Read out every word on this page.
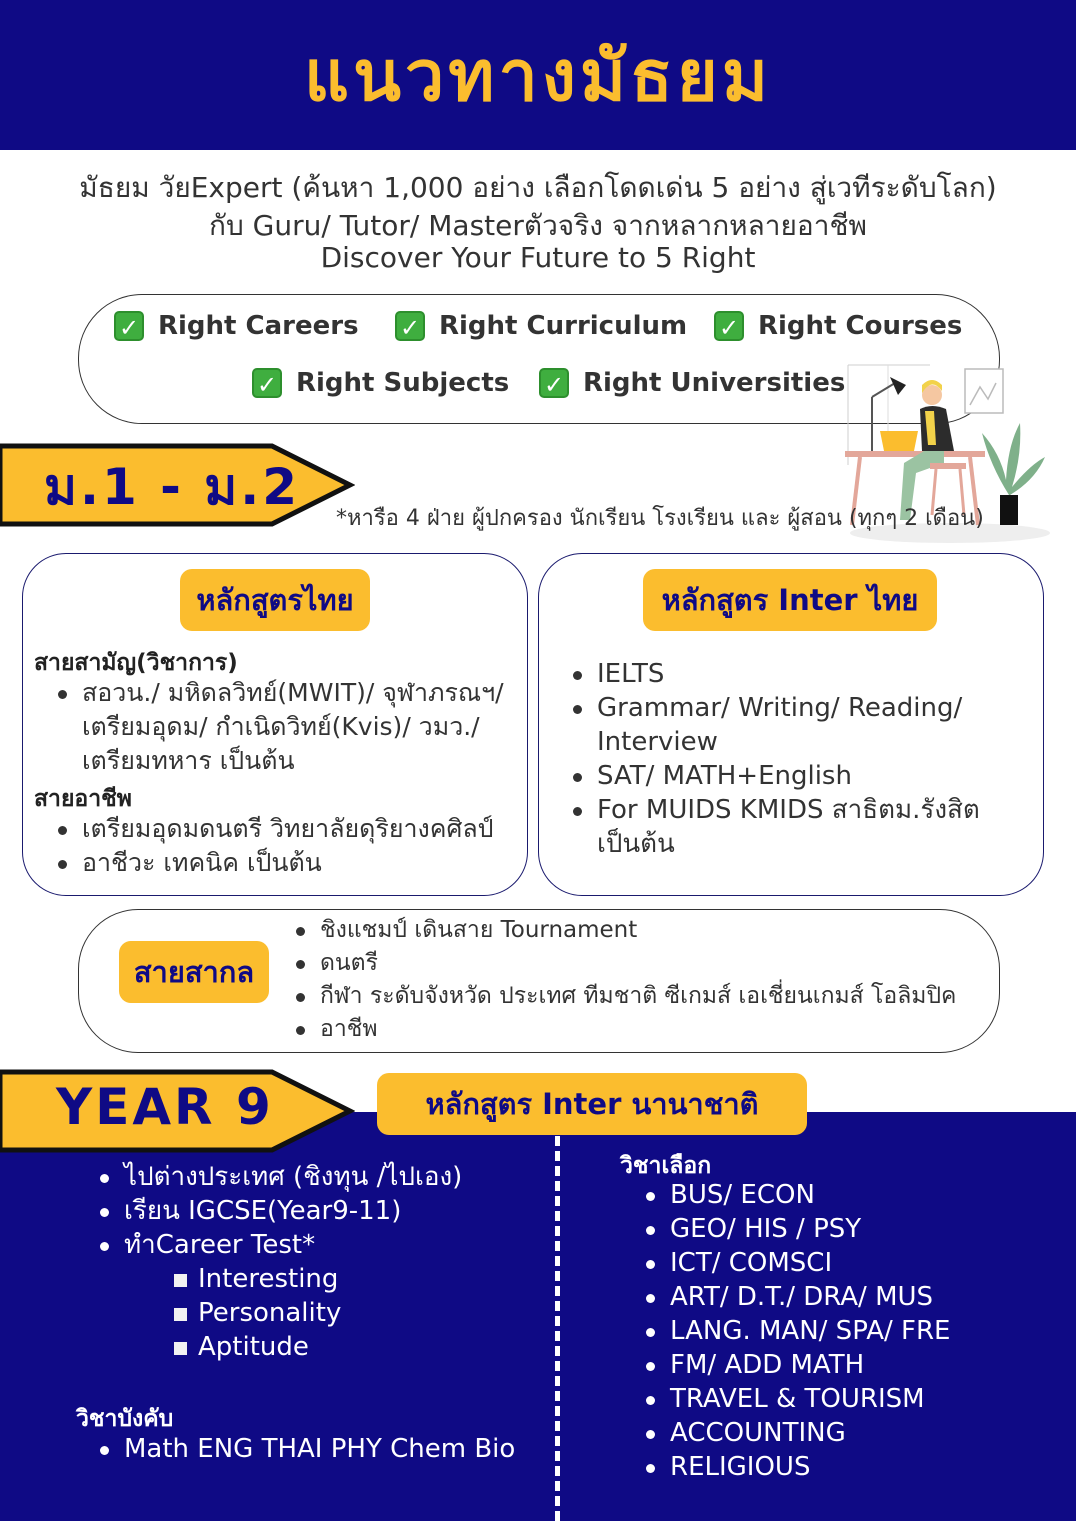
แนวทางมัธยม
มัธยม วัยExpert (ค้นหา 1,000 อย่าง เลือกโดดเด่น 5 อย่าง สู่เวทีระดับโลก)
กับ Guru/ Tutor/ Masterตัวจริง จากหลากหลายอาชีพ
Discover Your Future to 5 Right
✓ Right Careers ✓ Right Curriculum ✓ Right Courses
✓ Right Subjects ✓ Right Universities
ม.1 - ม.2
*หารือ 4 ฝ่าย ผู้ปกครอง นักเรียน โรงเรียน และ ผู้สอน (ทุกๆ 2 เดือน)
หลักสูตรไทย
สายสามัญ(วิชาการ)
สอวน./ มหิดลวิทย์(MWIT)/ จุฬาภรณฯ/ เตรียมอุดม/ กำเนิดวิทย์(Kvis)/ วมว./ เตรียมทหาร เป็นต้น
สายอาชีพ
เตรียมอุดมดนตรี วิทยาลัยดุริยางคศิลป์
อาชีวะ เทคนิค เป็นต้น
หลักสูตร Inter ไทย
IELTS
Grammar/ Writing/ Reading/ Interview
SAT/ MATH+English
For MUIDS KMIDS สาธิตม.รังสิต เป็นต้น
สายสากล
ชิงแชมป์ เดินสาย Tournament
ดนตรี
กีฬา ระดับจังหวัด ประเทศ ทีมชาติ ซีเกมส์ เอเชี่ยนเกมส์ โอลิมปิค
อาชีพ
YEAR 9	หลักสูตร Inter นานาชาติ
ไปต่างประเทศ (ชิงทุน /ไปเอง)
เรียน IGCSE(Year9-11)
ทำCareer Test*
Interesting
Personality
Aptitude
วิชาบังคับ
Math ENG THAI PHY Chem Bio
วิชาเลือก
BUS/ ECON
GEO/ HIS / PSY
ICT/ COMSCI
ART/ D.T./ DRA/ MUS
LANG. MAN/ SPA/ FRE
FM/ ADD MATH
TRAVEL & TOURISM
ACCOUNTING
RELIGIOUS
